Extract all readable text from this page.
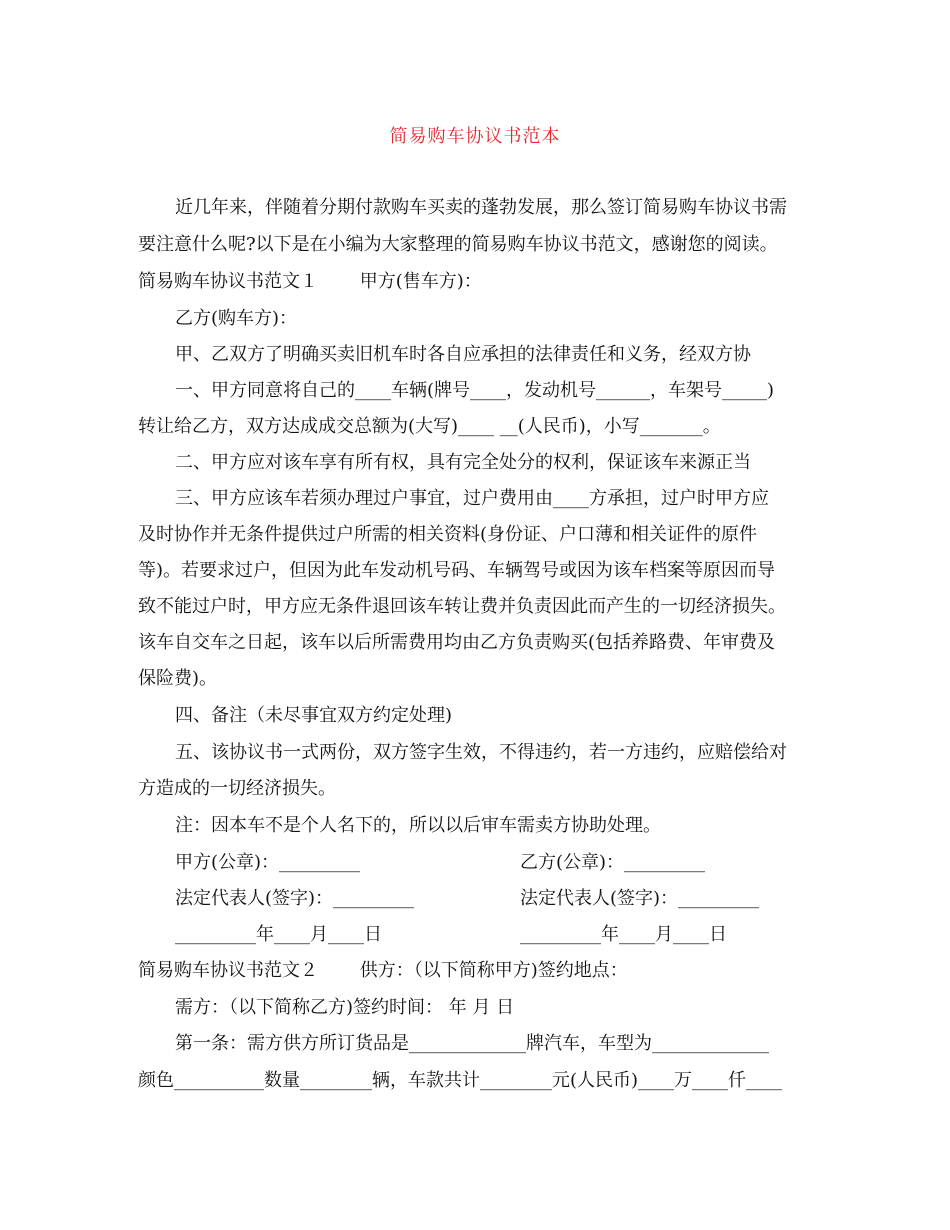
简易购车协议书范本
近几年来，伴随着分期付款购车买卖的蓬勃发展，那么签订简易购车协议书需
要注意什么呢?以下是在小编为大家整理的简易购车协议书范文，感谢您的阅读。
简易购车协议书范文１　　 甲方(售车方)：
乙方(购车方)：
甲、乙双方了明确买卖旧机车时各自应承担的法律责任和义务，经双方协
一、甲方同意将自己的____车辆(牌号____，发动机号______，车架号_____)
转让给乙方，双方达成成交总额为(大写)____ __(人民币)，小写_______。
二、甲方应对该车享有所有权，具有完全处分的权利，保证该车来源正当
三、甲方应该车若须办理过户事宜，过户费用由____方承担，过户时甲方应
及时协作并无条件提供过户所需的相关资料(身份证、户口薄和相关证件的原件
等)。若要求过户，但因为此车发动机号码、车辆驾号或因为该车档案等原因而导
致不能过户时，甲方应无条件退回该车转让费并负责因此而产生的一切经济损失。
该车自交车之日起，该车以后所需费用均由乙方负责购买(包括养路费、年审费及
保险费)。
四、备注（未尽事宜双方约定处理)
五、该协议书一式两份，双方签字生效，不得违约，若一方违约，应赔偿给对
方造成的一切经济损失。
注：因本车不是个人名下的，所以以后审车需卖方协助处理。
甲方(公章)：_________	乙方(公章)：_________
法定代表人(签字)：_________	法定代表人(签字)：_________
_________年____月____日	_________年____月____日
简易购车协议书范文２　　 供方：（以下简称甲方)签约地点：
需方：（以下简称乙方)签约时间： 年 月 日
第一条：需方供方所订货品是_____________牌汽车，车型为_____________
颜色__________数量________辆，车款共计________元(人民币)____万____仟____
